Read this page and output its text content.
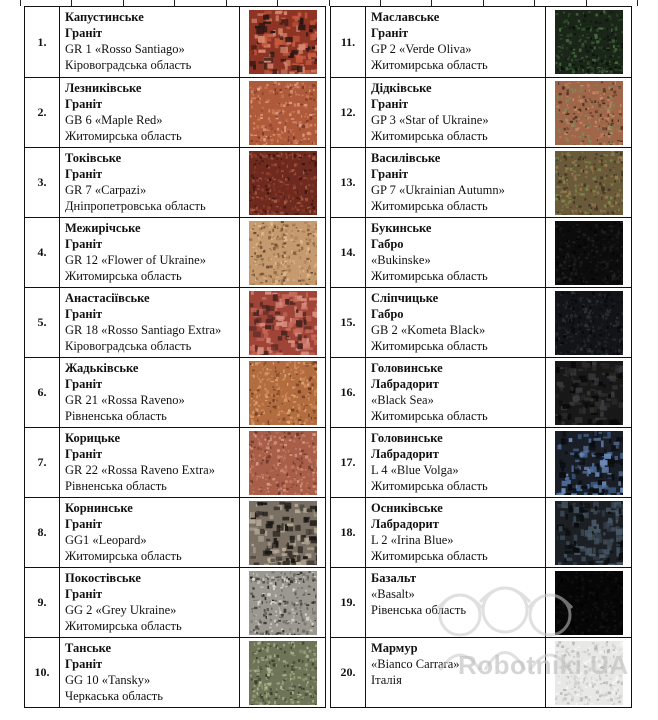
1.
Капустинське
Граніт
GR 1 «Rosso Santiago»
Кіровоградська область
2.
Лезниківське
Граніт
GB 6 «Maple Red»
Житомирська область
3.
Токівське
Граніт
GR 7 «Carpazi»
Дніпропетровська область
4.
Межирічське
Граніт
GR 12 «Flower of Ukraine»
Житомирська область
5.
Анастасіївське
Граніт
GR 18 «Rosso Santiago Extra»
Кіровоградська область
6.
Жадьківське
Граніт
GR 21 «Rossa Raveno»
Рівненська область
7.
Корицьке
Граніт
GR 22 «Rossa Raveno Extra»
Рівненська область
8.
Корнинське
Граніт
GG1 «Leopard»
Житомирська область
9.
Покостівське
Граніт
GG 2 «Grey Ukraine»
Житомирська область
10.
Танське
Граніт
GG 10 «Tansky»
Черкаська область
11.
Маславське
Граніт
GP 2 «Verde Oliva»
Житомирська область
12.
Дідківське
Граніт
GP 3 «Star of Ukraine»
Житомирська область
13.
Василівське
Граніт
GP 7 «Ukrainian Autumn»
Житомирська область
14.
Букинське
Габро
«Bukinske»
Житомирська область
15.
Сліпчицьке
Габро
GB 2 «Kometa Black»
Житомирська область
16.
Головинське
Лабрадорит
«Black Sea»
Житомирська область
17.
Головинське
Лабрадорит
L 4 «Blue Volga»
Житомирська область
18.
Осниківське
Лабрадорит
L 2 «Irina Blue»
Житомирська область
19.
Базальт
«Basalt»
Рівенська область
20.
Мармур
«Bianco Carrara»
Італія	Robotniki.UA
